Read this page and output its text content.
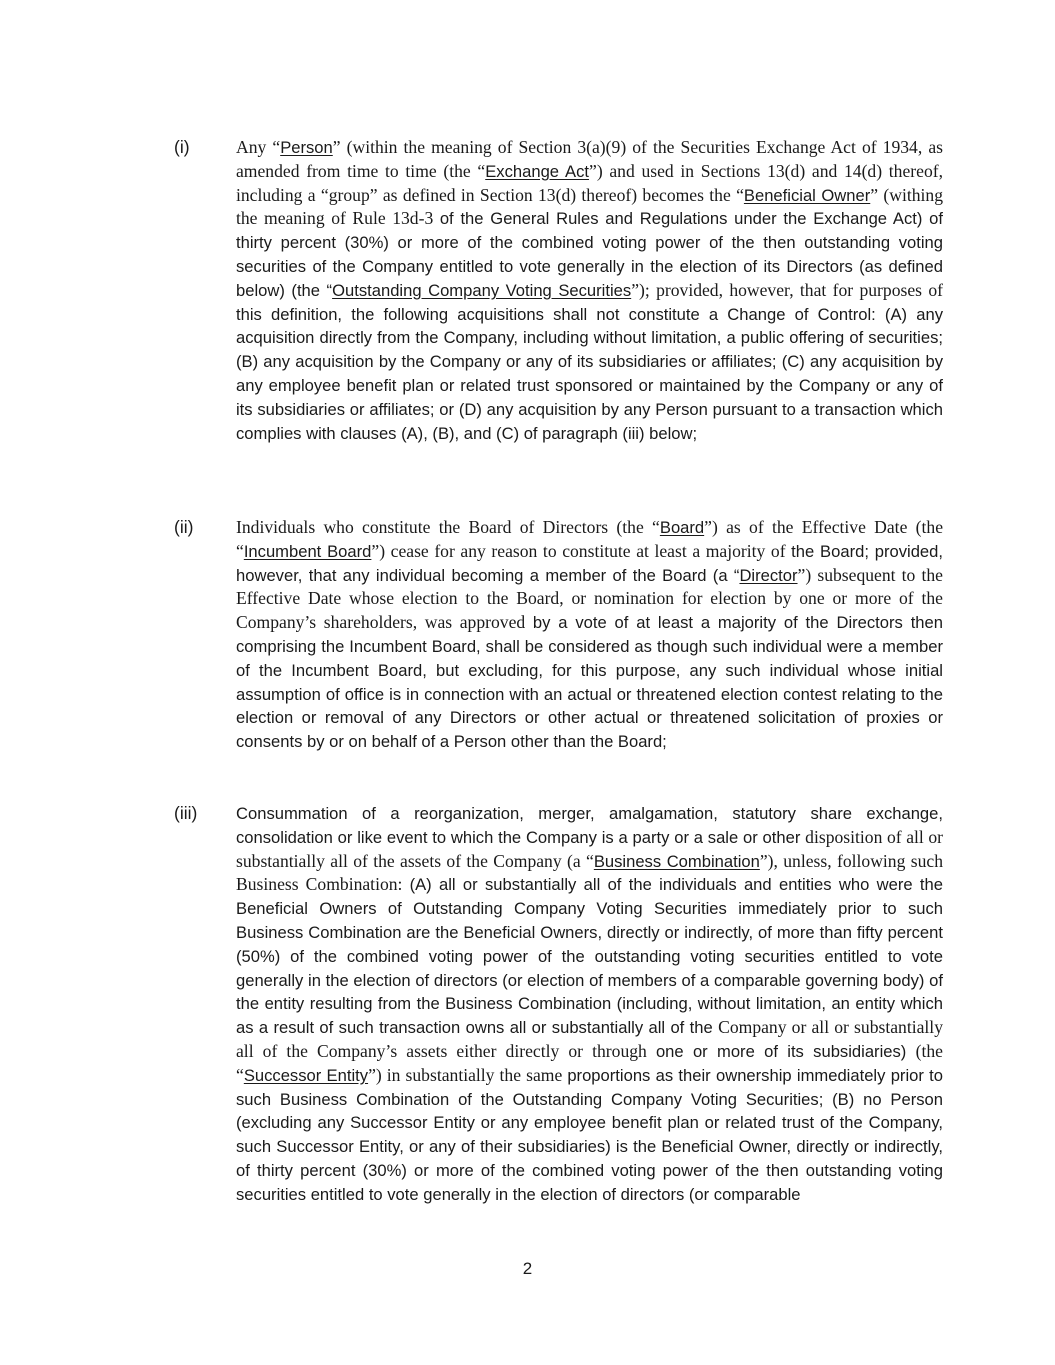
(i)	Any “Person” (within the meaning of Section 3(a)(9) of the Securities Exchange Act of 1934, as amended from time to time (the “Exchange Act”) and used in Sections 13(d) and 14(d) thereof, including a “group” as defined in Section 13(d) thereof) becomes the “Beneficial Owner” (withing the meaning of Rule 13d-3 of the General Rules and Regulations under the Exchange Act) of thirty percent (30%) or more of the combined voting power of the then outstanding voting securities of the Company entitled to vote generally in the election of its Directors (as defined below) (the “Outstanding Company Voting Securities”); provided, however, that for purposes of this definition, the following acquisitions shall not constitute a Change of Control: (A) any acquisition directly from the Company, including without limitation, a public offering of securities; (B) any acquisition by the Company or any of its subsidiaries or affiliates; (C) any acquisition by any employee benefit plan or related trust sponsored or maintained by the Company or any of its subsidiaries or affiliates; or (D) any acquisition by any Person pursuant to a transaction which complies with clauses (A), (B), and (C) of paragraph (iii) below;

(ii) Individuals who constitute the Board of Directors (the “Board”) as of the Effective Date (the “Incumbent Board”) cease for any reason to constitute at least a majority of the Board; provided, however, that any individual becoming a member of the Board (a “Director”) subsequent to the Effective Date whose election to the Board, or nomination for election by one or more of the Company’s shareholders, was approved by a vote of at least a majority of the Directors then comprising the Incumbent Board, shall be considered as though such individual were a member of the Incumbent Board, but excluding, for this purpose, any such individual whose initial assumption of office is in connection with an actual or threatened election contest relating to the election or removal of any Directors or other actual or threatened solicitation of proxies or consents by or on behalf of a Person other than the Board;

(iii) Consummation of a reorganization, merger, amalgamation, statutory share exchange, consolidation or like event to which the Company is a party or a sale or other disposition of all or substantially all of the assets of the Company (a “Business Combination”), unless, following such Business Combination: (A) all or substantially all of the individuals and entities who were the Beneficial Owners of Outstanding Company Voting Securities immediately prior to such Business Combination are the Beneficial Owners, directly or indirectly, of more than fifty percent (50%) of the combined voting power of the outstanding voting securities entitled to vote generally in the election of directors (or election of members of a comparable governing body) of the entity resulting from the Business Combination (including, without limitation, an entity which as a result of such transaction owns all or substantially all of the Company or all or substantially all of the Company’s assets either directly or through one or more of its subsidiaries) (the “Successor Entity”) in substantially the same proportions as their ownership immediately prior to such Business Combination of the Outstanding Company Voting Securities; (B) no Person (excluding any Successor Entity or any employee benefit plan or related trust of the Company, such Successor Entity, or any of their subsidiaries) is the Beneficial Owner, directly or indirectly, of thirty percent (30%) or more of the combined voting power of the then outstanding voting securities entitled to vote generally in the election of directors (or comparable

2
